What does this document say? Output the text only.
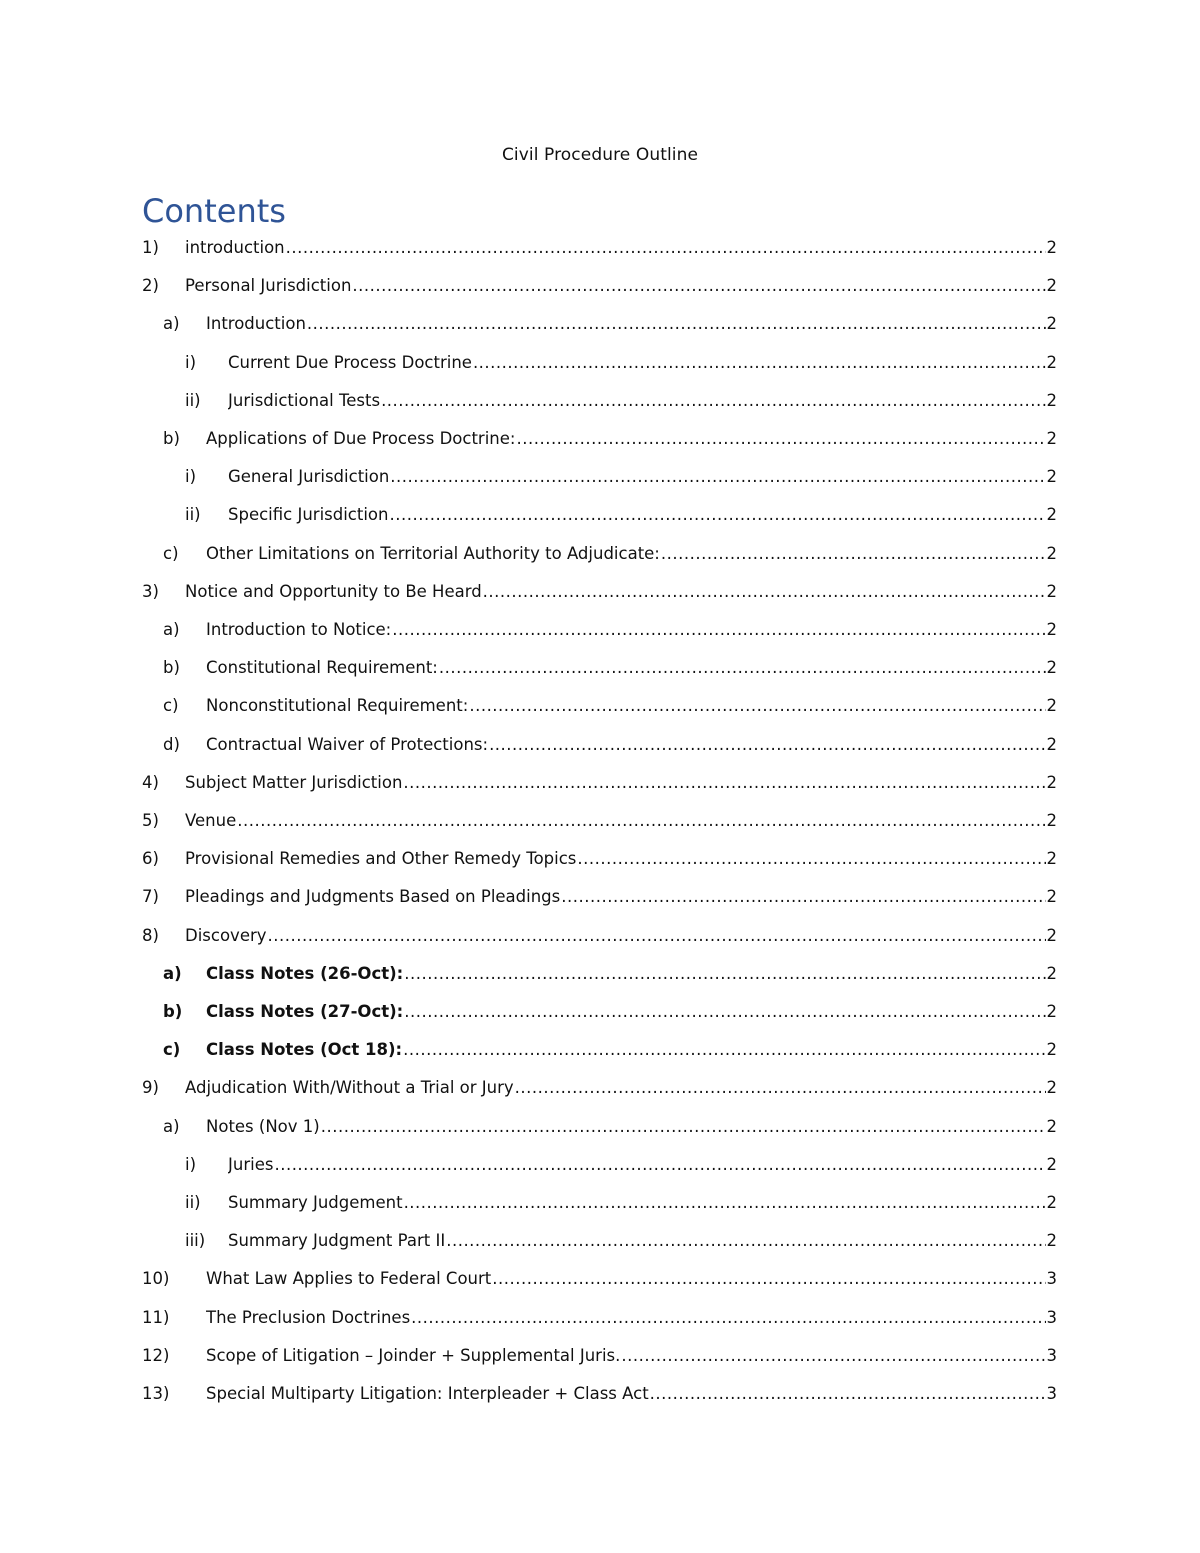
Civil Procedure Outline
Contents
1) introduction .....	2
2) Personal Jurisdiction .....	2
a) Introduction .....	2
i) Current Due Process Doctrine .....	2
ii) Jurisdictional Tests .....	2
b) Applications of Due Process Doctrine: .....	2
i) General Jurisdiction .....	2
ii) Specific Jurisdiction .....	2
c) Other Limitations on Territorial Authority to Adjudicate: .....	2
3) Notice and Opportunity to Be Heard .....	2
a) Introduction to Notice: .....	2
b) Constitutional Requirement: .....	2
c) Nonconstitutional Requirement: .....	2
d) Contractual Waiver of Protections: .....	2
4) Subject Matter Jurisdiction .....	2
5) Venue .....	2
6) Provisional Remedies and Other Remedy Topics .....	2
7) Pleadings and Judgments Based on Pleadings .....	2
8) Discovery .....	2
a) Class Notes (26-Oct): .....	2
b) Class Notes (27-Oct): .....	2
c) Class Notes (Oct 18): .....	2
9) Adjudication With/Without a Trial or Jury .....	2
a) Notes (Nov 1) .....	2
i) Juries .....	2
ii) Summary Judgement .....	2
iii) Summary Judgment Part II .....	2
10) What Law Applies to Federal Court .....	3
11) The Preclusion Doctrines .....	3
12) Scope of Litigation – Joinder + Supplemental Juris. .....	3
13) Special Multiparty Litigation: Interpleader + Class Act .....	3
